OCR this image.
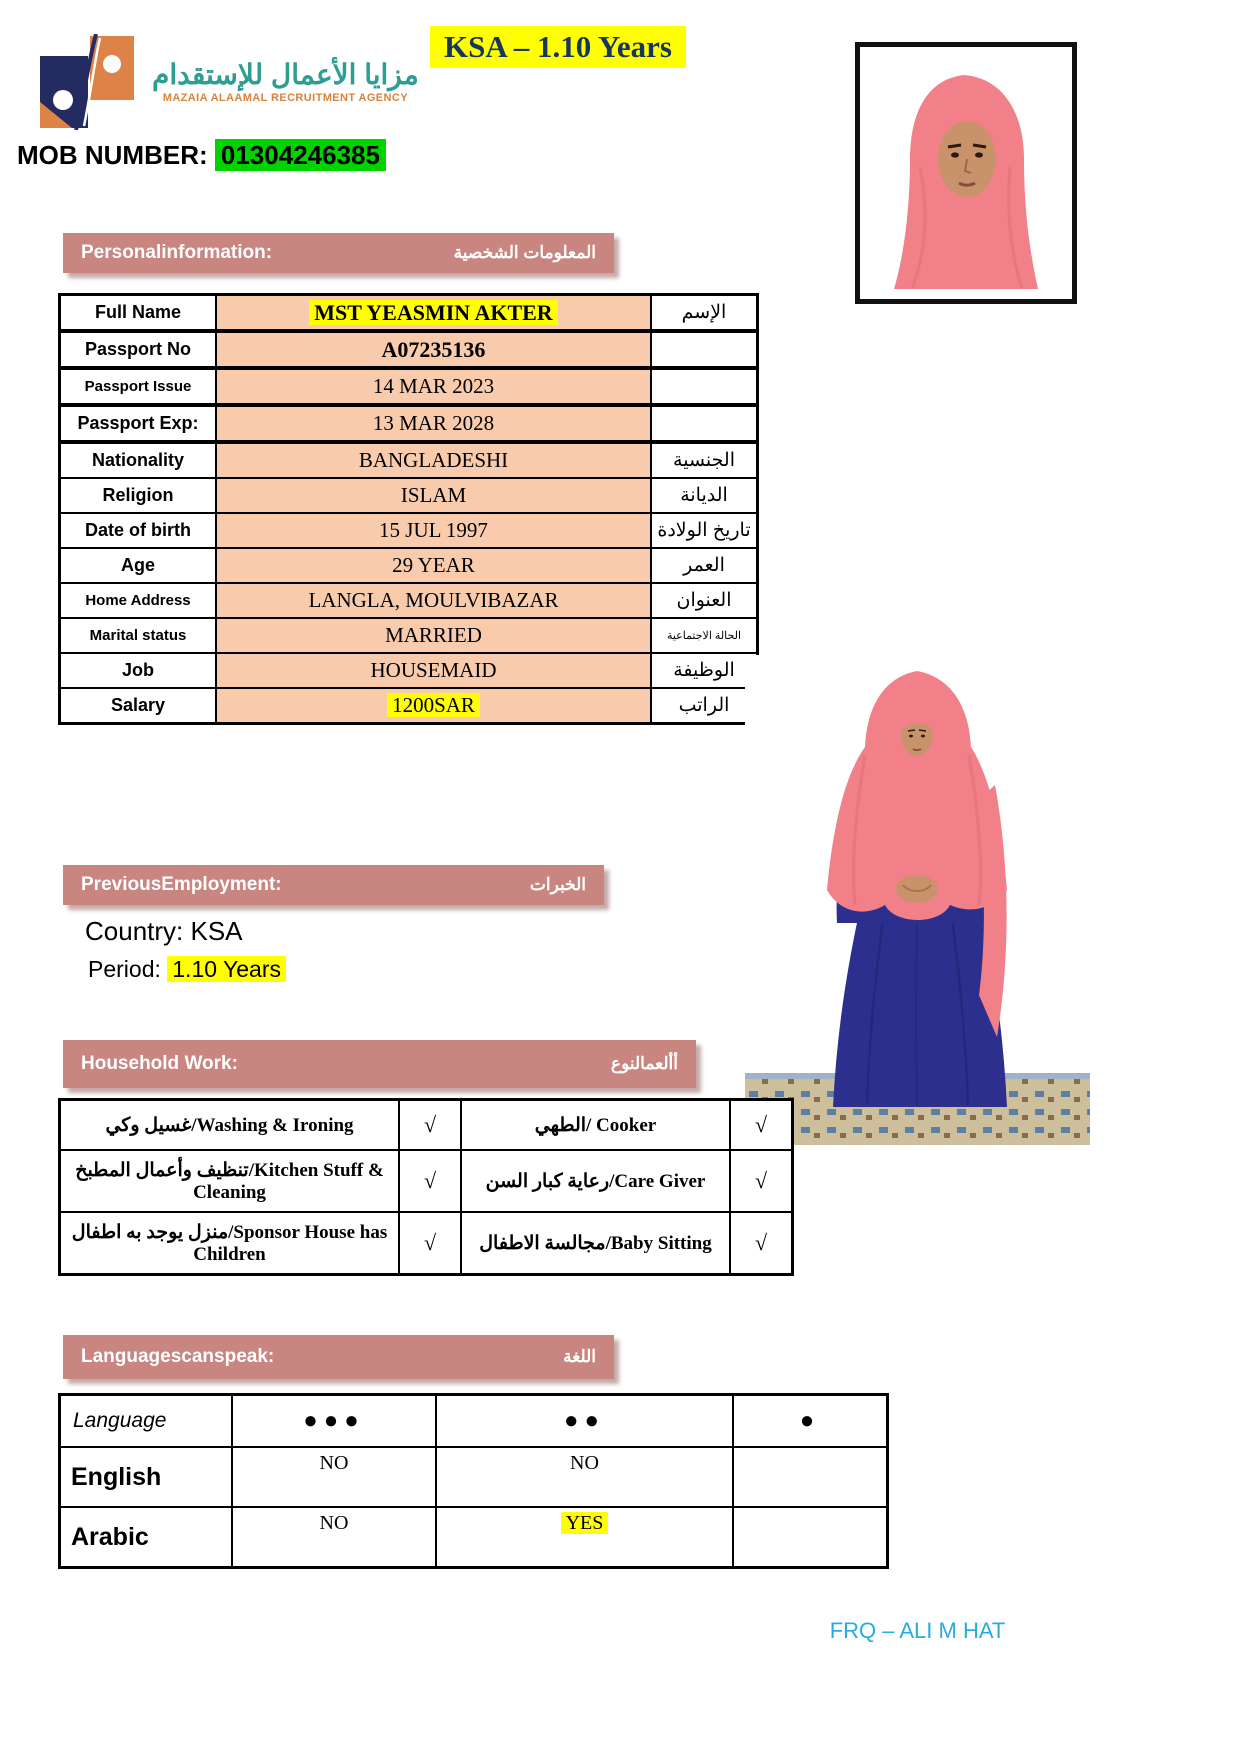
مزايا الأعمال للإستقدام
MAZAIA ALAAMAL RECRUITMENT AGENCY
KSA – 1.10 Years
MOB NUMBER: 01304246385
Personalinformation:	المعلومات الشخصية
Full Name	MST YEASMIN AKTER	الإسم
Passport No	A07235136	
Passport Issue	14 MAR 2023	
Passport Exp:	13 MAR 2028	
Nationality	BANGLADESHI	الجنسية
Religion	ISLAM	الديانة
Date of birth	15 JUL 1997	تاريخ الولادة
Age	29 YEAR	العمر
Home Address	LANGLA, MOULVIBAZAR	العنوان
Marital status	MARRIED	الحالة الاجتماعية
Job	HOUSEMAID	الوظيفة
Salary	1200SAR	الراتب
PreviousEmployment:	الخبرات
Country: KSA
Period: 1.10 Years
Household Work:	أألعمالنوع
غسيل وكي/Washing & Ironing	√	الطهي/ Cooker	√
تنظيف وأعمال المطبخ/Kitchen Stuff & Cleaning	√	رعاية كبار السن/Care Giver	√
منزل يوجد به اطفال/Sponsor House has Children	√	مجالسة الاطفال/Baby Sitting	√
Languagescanspeak:	اللغة
Language	●●●	●●	●
English	NO	NO	
Arabic	NO	YES	
FRQ – ALI M HAT
